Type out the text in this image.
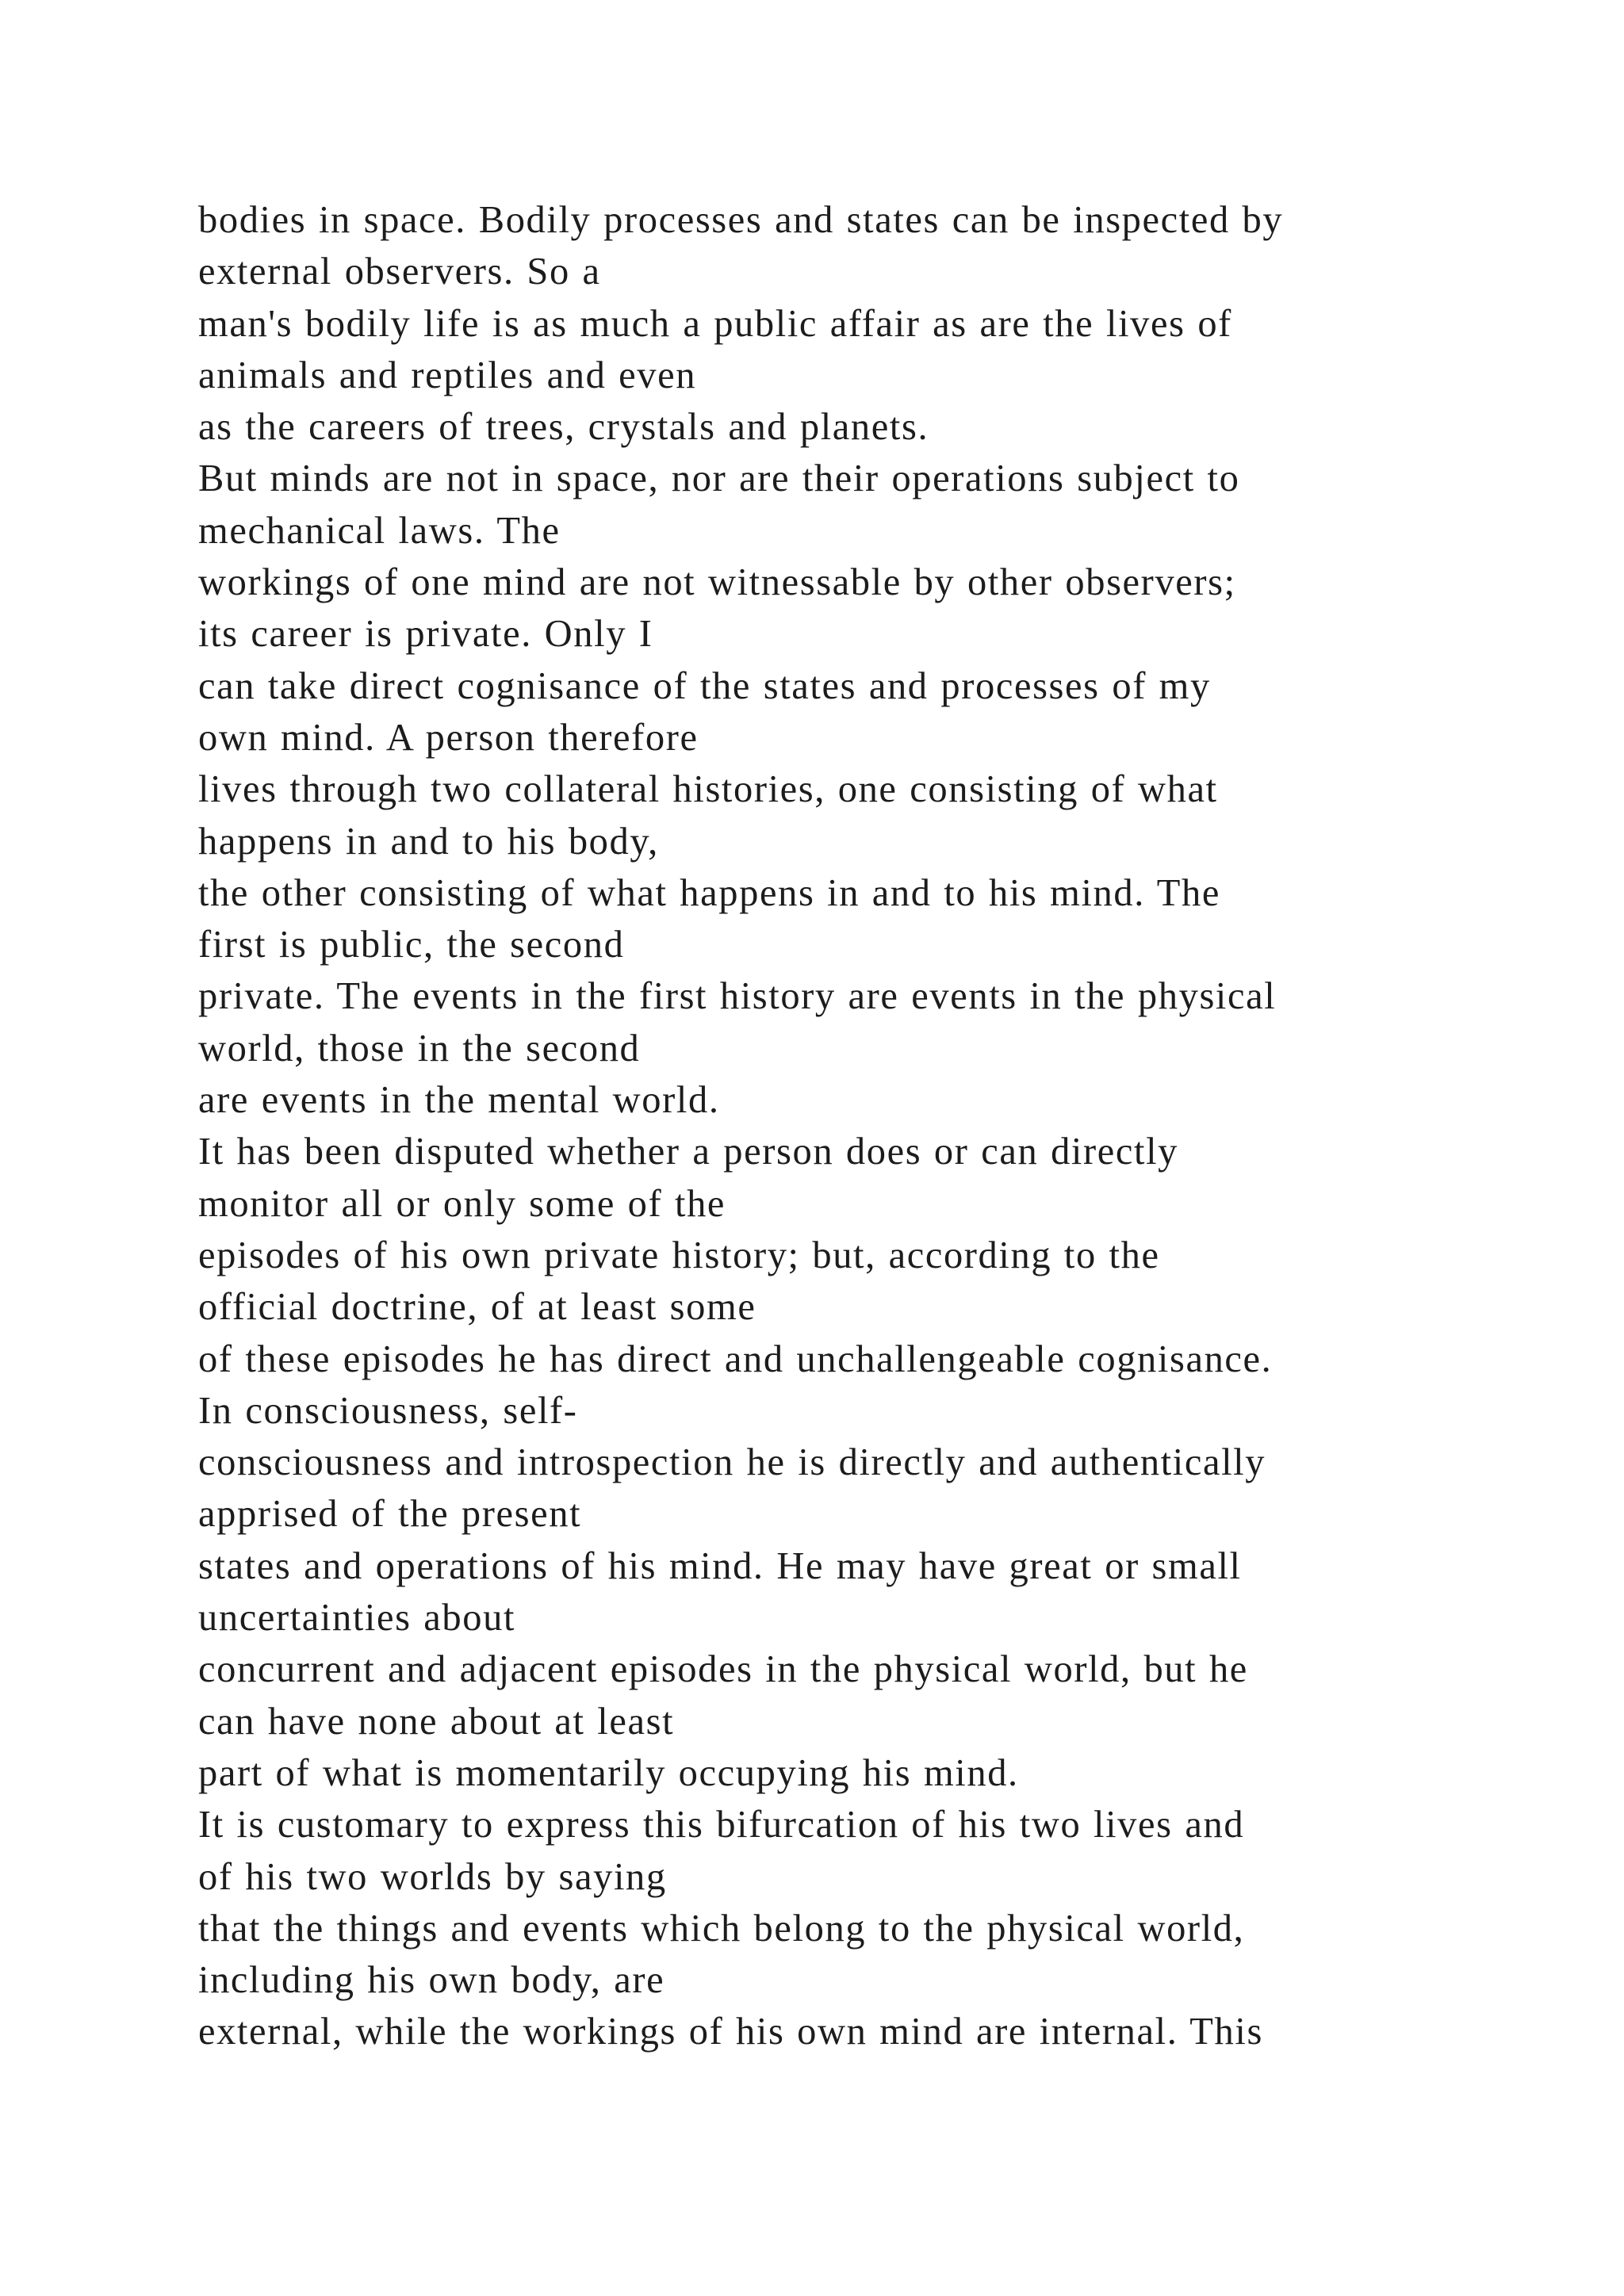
bodies in space. Bodily processes and states can be inspected by
external observers. So a
man's bodily life is as much a public affair as are the lives of
animals and reptiles and even
as the careers of trees, crystals and planets.
But minds are not in space, nor are their operations subject to
mechanical laws. The
workings of one mind are not witnessable by other observers;
its career is private. Only I
can take direct cognisance of the states and processes of my
own mind. A person therefore
lives through two collateral histories, one consisting of what
happens in and to his body,
the other consisting of what happens in and to his mind. The
first is public, the second
private. The events in the first history are events in the physical
world, those in the second
are events in the mental world.
It has been disputed whether a person does or can directly
monitor all or only some of the
episodes of his own private history; but, according to the
official doctrine, of at least some
of these episodes he has direct and unchallengeable cognisance.
In consciousness, self-
consciousness and introspection he is directly and authentically
apprised of the present
states and operations of his mind. He may have great or small
uncertainties about
concurrent and adjacent episodes in the physical world, but he
can have none about at least
part of what is momentarily occupying his mind.
It is customary to express this bifurcation of his two lives and
of his two worlds by saying
that the things and events which belong to the physical world,
including his own body, are
external, while the workings of his own mind are internal. This
